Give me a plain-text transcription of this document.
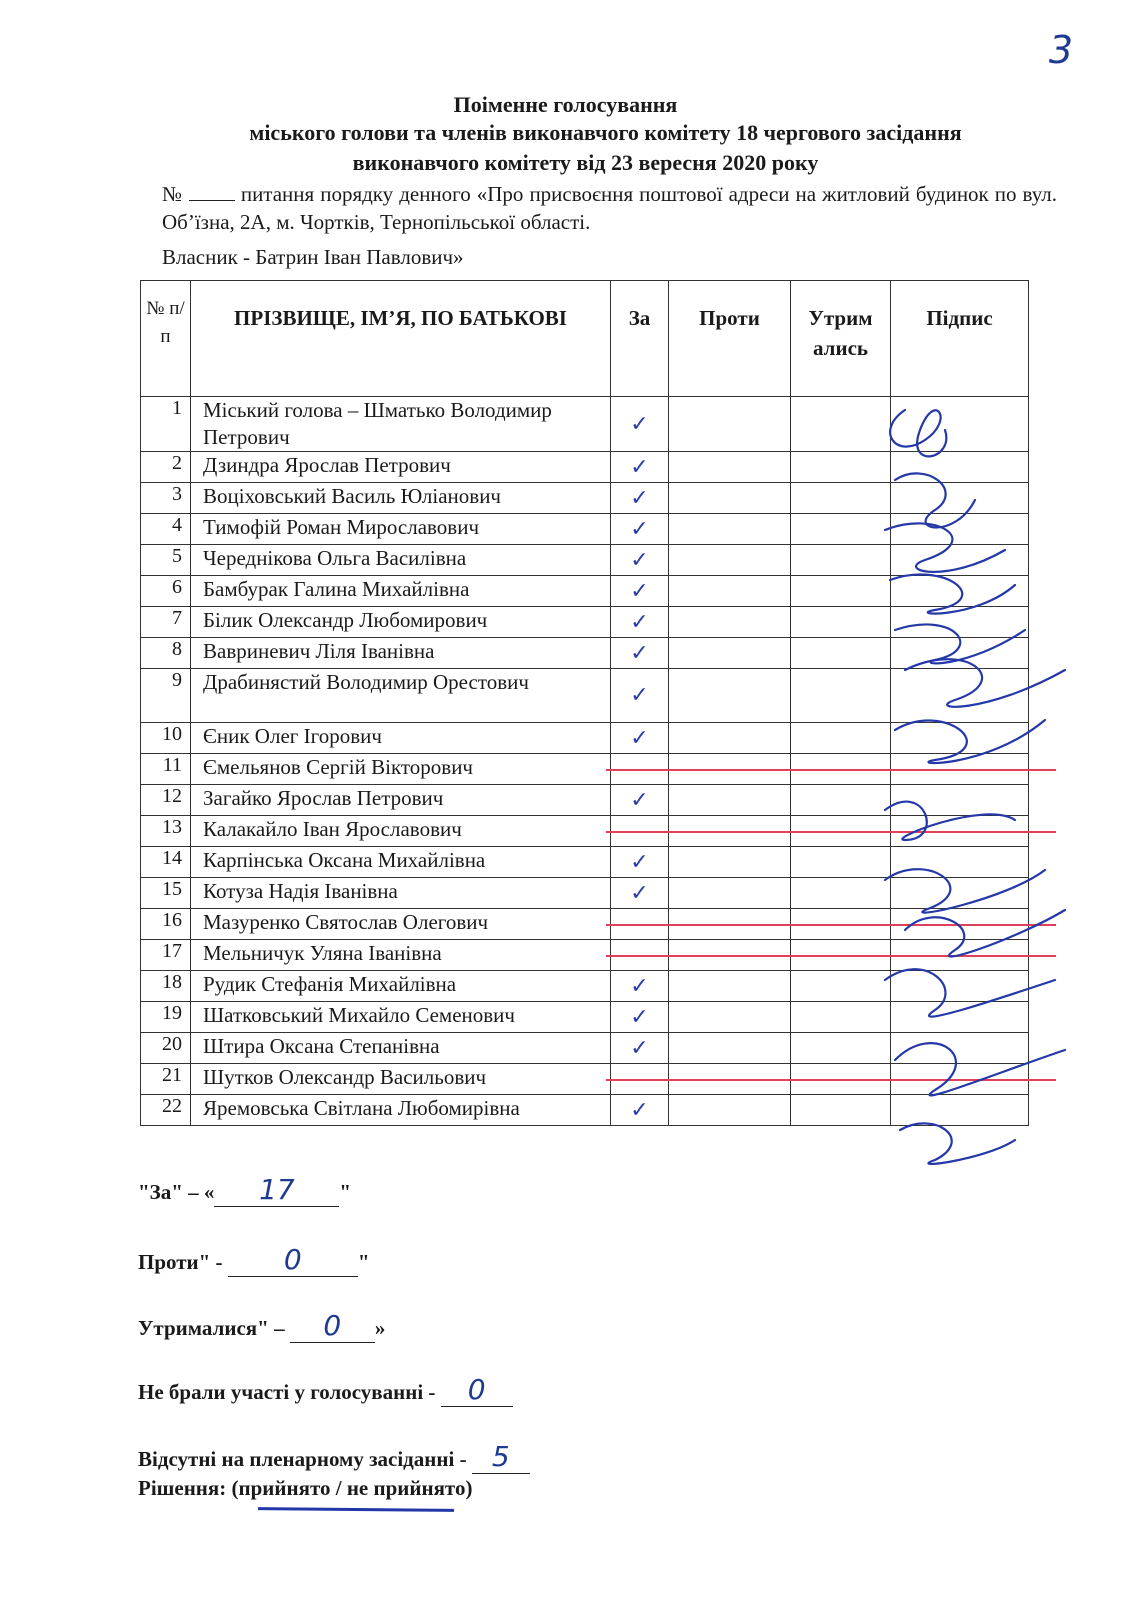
3
Поіменне голосування
міського голови та членів виконавчого комітету 18 чергового засідання
виконавчого комітету від 23 вересня 2020 року
№	питання порядку денного «Про присвоєння поштової адреси на житловий будинок по вул. Об’їзна, 2А, м. Чортків, Тернопільської області.
Власник - Батрин Іван Павлович»
№ п/ п	ПРІЗВИЩЕ, ІМ’Я, ПО БАТЬКОВІ	За	Проти	Утрим ались	Підпис
1	Міський голова – Шматько Володимир Петрович	✓			
2	Дзиндра Ярослав Петрович	✓			
3	Воціховський Василь Юліанович	✓			
4	Тимофій Роман Мирославович	✓			
5	Череднікова Ольга Василівна	✓			
6	Бамбурак Галина Михайлівна	✓			
7	Білик Олександр Любомирович	✓			
8	Вавриневич Ліля Іванівна	✓			
9	Драбинястий Володимир Орестович	✓			
10	Єник Олег Ігорович	✓			
11	Ємельянов Сергій Вікторович	

12	Загайко Ярослав Петрович	✓			
13	Калакайло Іван Ярославович	

14	Карпінська Оксана Михайлівна	✓			
15	Котуза Надія Іванівна	✓			
16	Мазуренко Святослав Олегович	

17	Мельничук Уляна Іванівна	

18	Рудик Стефанія Михайлівна	✓			
19	Шатковський Михайло Семенович	✓			
20	Штира Оксана Степанівна	✓			
21	Шутков Олександр Васильович	

22	Яремовська Світлана Любомирівна	✓			
"За" – « 17 "
Проти" - 0	"
Утрималися" – 0 »
Не брали участі у голосуванні - 0
Відсутні на пленарному засіданні - 5
Рішення: (прийнято / не прийнято)
